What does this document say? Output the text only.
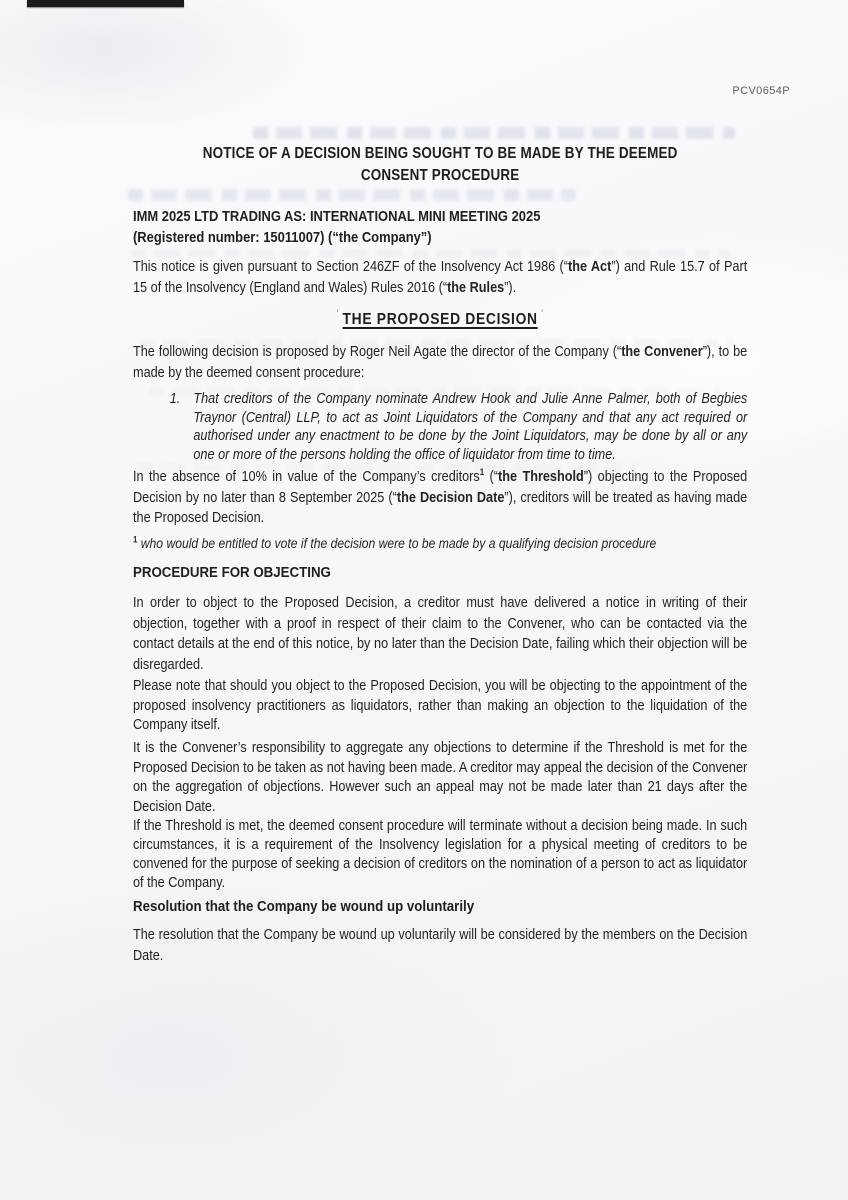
PCV0654P
NOTICE OF A DECISION BEING SOUGHT TO BE MADE BY THE DEEMED
CONSENT PROCEDURE

IMM 2025 LTD TRADING AS: INTERNATIONAL MINI MEETING 2025
(Registered number: 15011007) (“the Company”)

This notice is given pursuant to Section 246ZF of the Insolvency Act 1986 (“the Act”) and Rule 15.7 of Part 15 of the Insolvency (England and Wales) Rules 2016 (“the Rules”).

' THE PROPOSED DECISION '

The following decision is proposed by Roger Neil Agate the director of the Company (“the Convener”), to be made by the deemed consent procedure:

1. That creditors of the Company nominate Andrew Hook and Julie Anne Palmer, both of Begbies Traynor (Central) LLP, to act as Joint Liquidators of the Company and that any act required or authorised under any enactment to be done by the Joint Liquidators, may be done by all or any one or more of the persons holding the office of liquidator from time to time.

In the absence of 10% in value of the Company’s creditors$^1$ (“the Threshold”) objecting to the Proposed Decision by no later than 8 September 2025 (“the Decision Date”), creditors will be treated as having made the Proposed Decision.

$^1$ who would be entitled to vote if the decision were to be made by a qualifying decision procedure

PROCEDURE FOR OBJECTING

In order to object to the Proposed Decision, a creditor must have delivered a notice in writing of their objection, together with a proof in respect of their claim to the Convener, who can be contacted via the contact details at the end of this notice, by no later than the Decision Date, failing which their objection will be disregarded.

Please note that should you object to the Proposed Decision, you will be objecting to the appointment of the proposed insolvency practitioners as liquidators, rather than making an objection to the liquidation of the Company itself.

It is the Convener’s responsibility to aggregate any objections to determine if the Threshold is met for the Proposed Decision to be taken as not having been made. A creditor may appeal the decision of the Convener on the aggregation of objections. However such an appeal may not be made later than 21 days after the Decision Date.

If the Threshold is met, the deemed consent procedure will terminate without a decision being made. In such circumstances, it is a requirement of the Insolvency legislation for a physical meeting of creditors to be convened for the purpose of seeking a decision of creditors on the nomination of a person to act as liquidator of the Company.

Resolution that the Company be wound up voluntarily

The resolution that the Company be wound up voluntarily will be considered by the members on the Decision Date.
